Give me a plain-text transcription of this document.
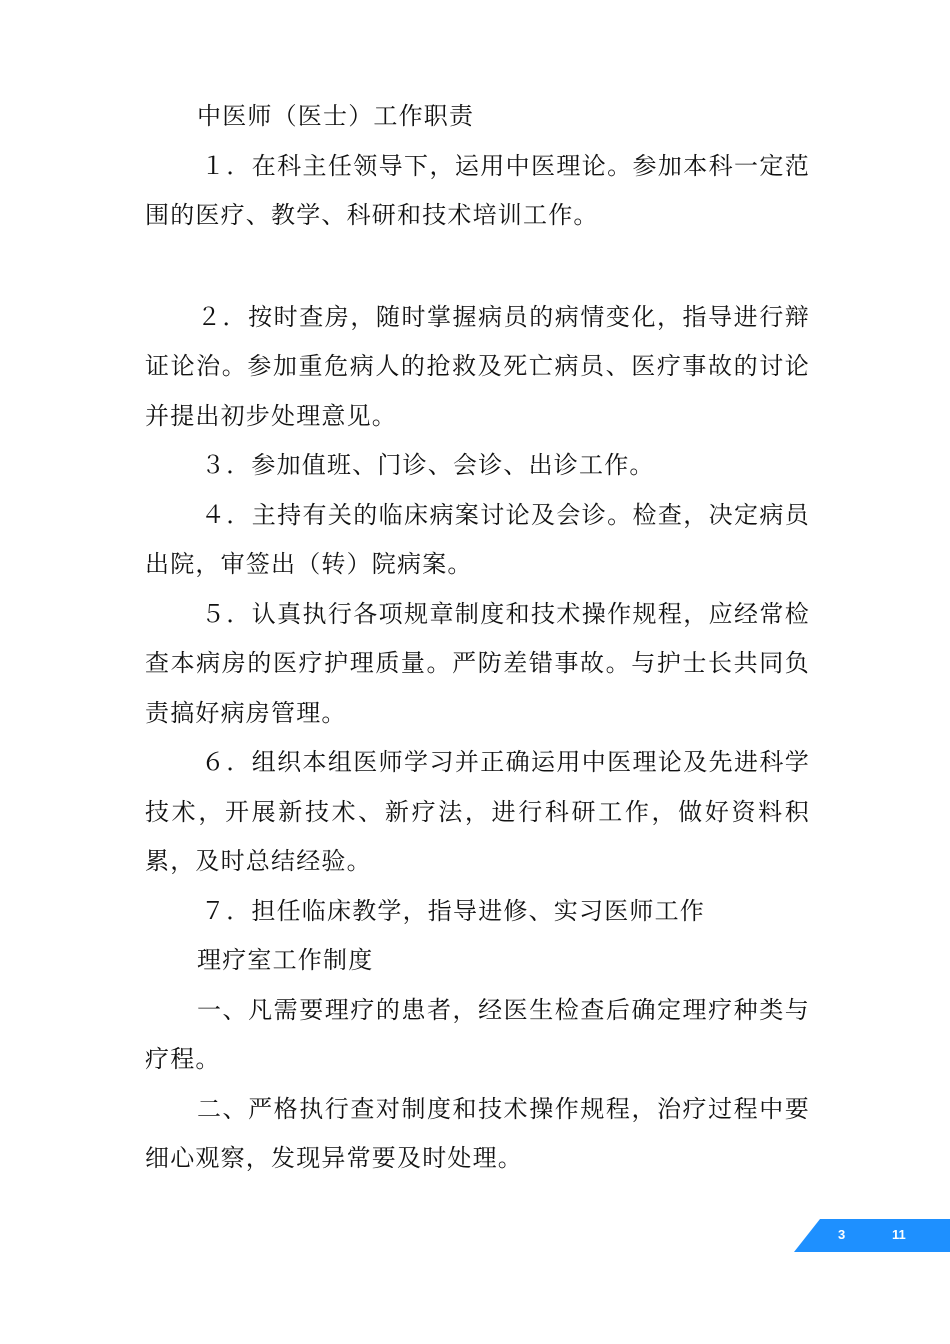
中医师（医士）工作职责

１．在科主任领导下，运用中医理论。参加本科一定范围的医疗、教学、科研和技术培训工作。

２．按时查房，随时掌握病员的病情变化，指导进行辩证论治。参加重危病人的抢救及死亡病员、医疗事故的讨论并提出初步处理意见。

３．参加值班、门诊、会诊、出诊工作。

４．主持有关的临床病案讨论及会诊。检查，决定病员出院，审签出（转）院病案。

５．认真执行各项规章制度和技术操作规程，应经常检查本病房的医疗护理质量。严防差错事故。与护士长共同负责搞好病房管理。

６．组织本组医师学习并正确运用中医理论及先进科学技术，开展新技术、新疗法，进行科研工作，做好资料积累，及时总结经验。

７．担任临床教学，指导进修、实习医师工作

理疗室工作制度

一、凡需要理疗的患者，经医生检查后确定理疗种类与疗程。

二、严格执行查对制度和技术操作规程，治疗过程中要细心观察，发现异常要及时处理。

3	11
